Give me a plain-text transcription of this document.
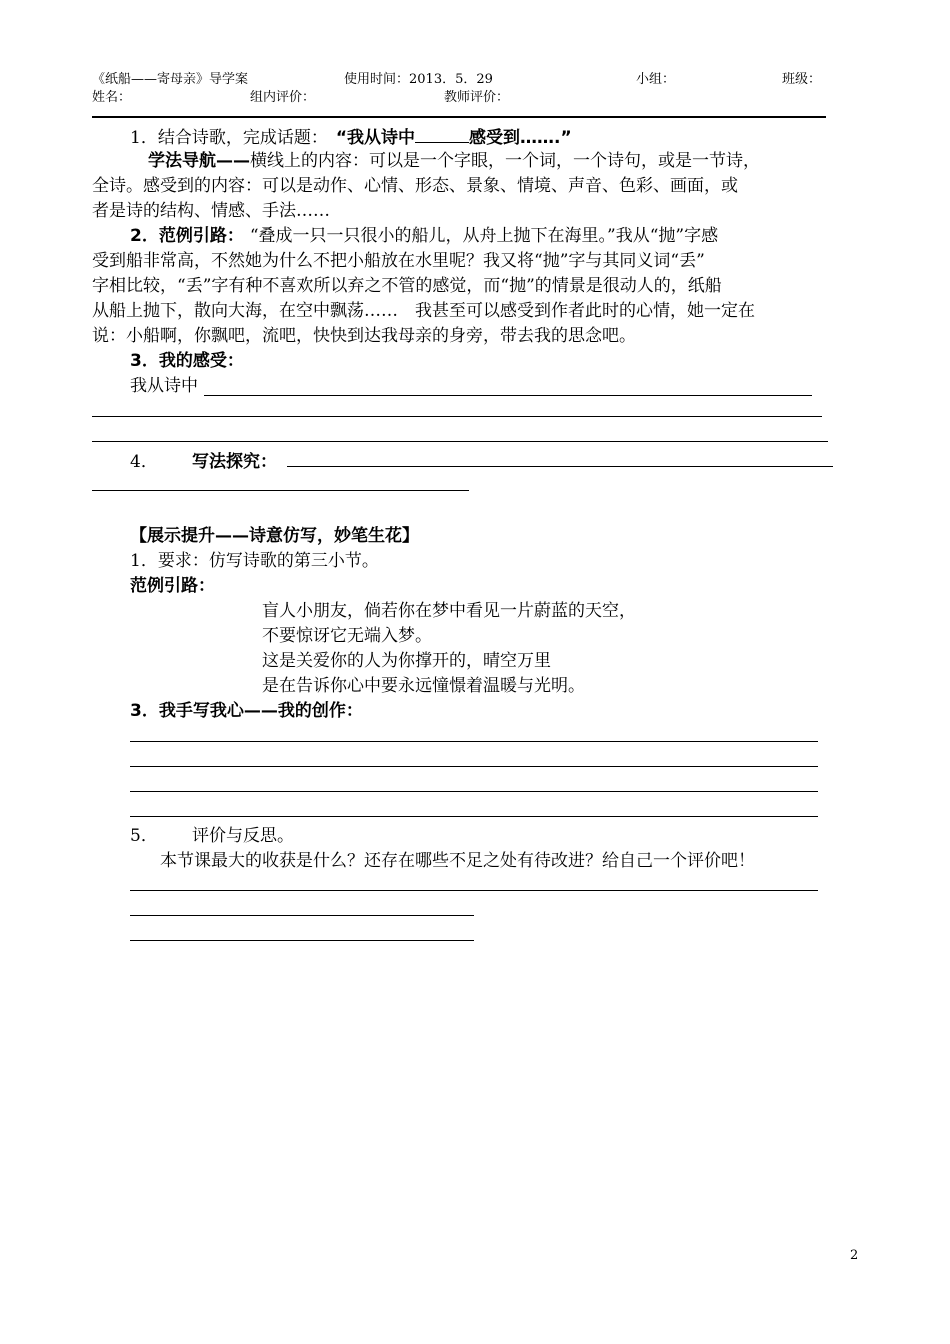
《纸船——寄母亲》导学案	使用时间：2013．5．29	小组：	班级：
姓名：	组内评价：	教师评价：
1．结合诗歌，完成话题： “我从诗中	感受到…….”
学法导航——横线上的内容：可以是一个字眼，一个词，一个诗句，或是一节诗，
全诗。感受到的内容：可以是动作、心情、形态、景象、情境、声音、色彩、画面，或
者是诗的结构、情感、手法……
2．范例引路： “叠成一只一只很小的船儿，从舟上抛下在海里。”我从“抛”字感
受到船非常高，不然她为什么不把小船放在水里呢？我又将“抛”字与其同义词“丢”
字相比较，“丢”字有种不喜欢所以弃之不管的感觉，而“抛”的情景是很动人的，纸船
从船上抛下，散向大海，在空中飘荡……　我甚至可以感受到作者此时的心情，她一定在
说：小船啊，你飘吧，流吧，快快到达我母亲的身旁，带去我的思念吧。
3．我的感受：
我从诗中
4． 写法探究：
【展示提升——诗意仿写，妙笔生花】
1．要求：仿写诗歌的第三小节。
范例引路：
盲人小朋友，倘若你在梦中看见一片蔚蓝的天空，
不要惊讶它无端入梦。
这是关爱你的人为你撑开的，晴空万里
是在告诉你心中要永远憧憬着温暖与光明。
3．我手写我心——我的创作：
5． 评价与反思。
本节课最大的收获是什么？还存在哪些不足之处有待改进？给自己一个评价吧！
2
